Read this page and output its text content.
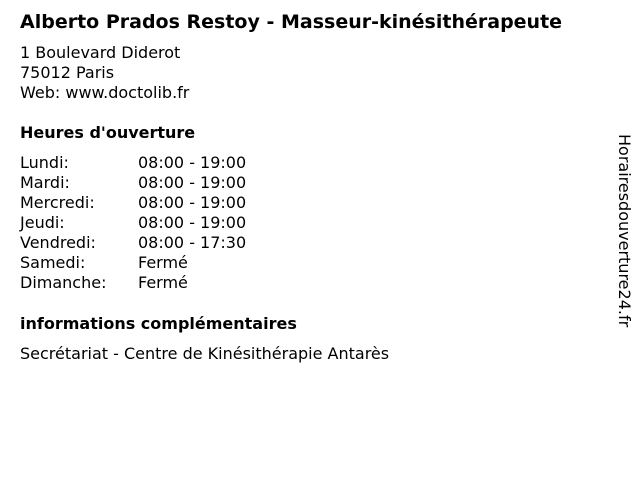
Alberto Prados Restoy - Masseur-kinésithérapeute
1 Boulevard Diderot
75012 Paris
Web: www.doctolib.fr
Heures d'ouverture
Lundi:	08:00 - 19:00
Mardi:	08:00 - 19:00
Mercredi:	08:00 - 19:00
Jeudi:	08:00 - 19:00
Vendredi:	08:00 - 17:30
Samedi:	Fermé
Dimanche: Fermé
informations complémentaires
Secrétariat - Centre de Kinésithérapie Antarès
Horairesdouverture24.fr
